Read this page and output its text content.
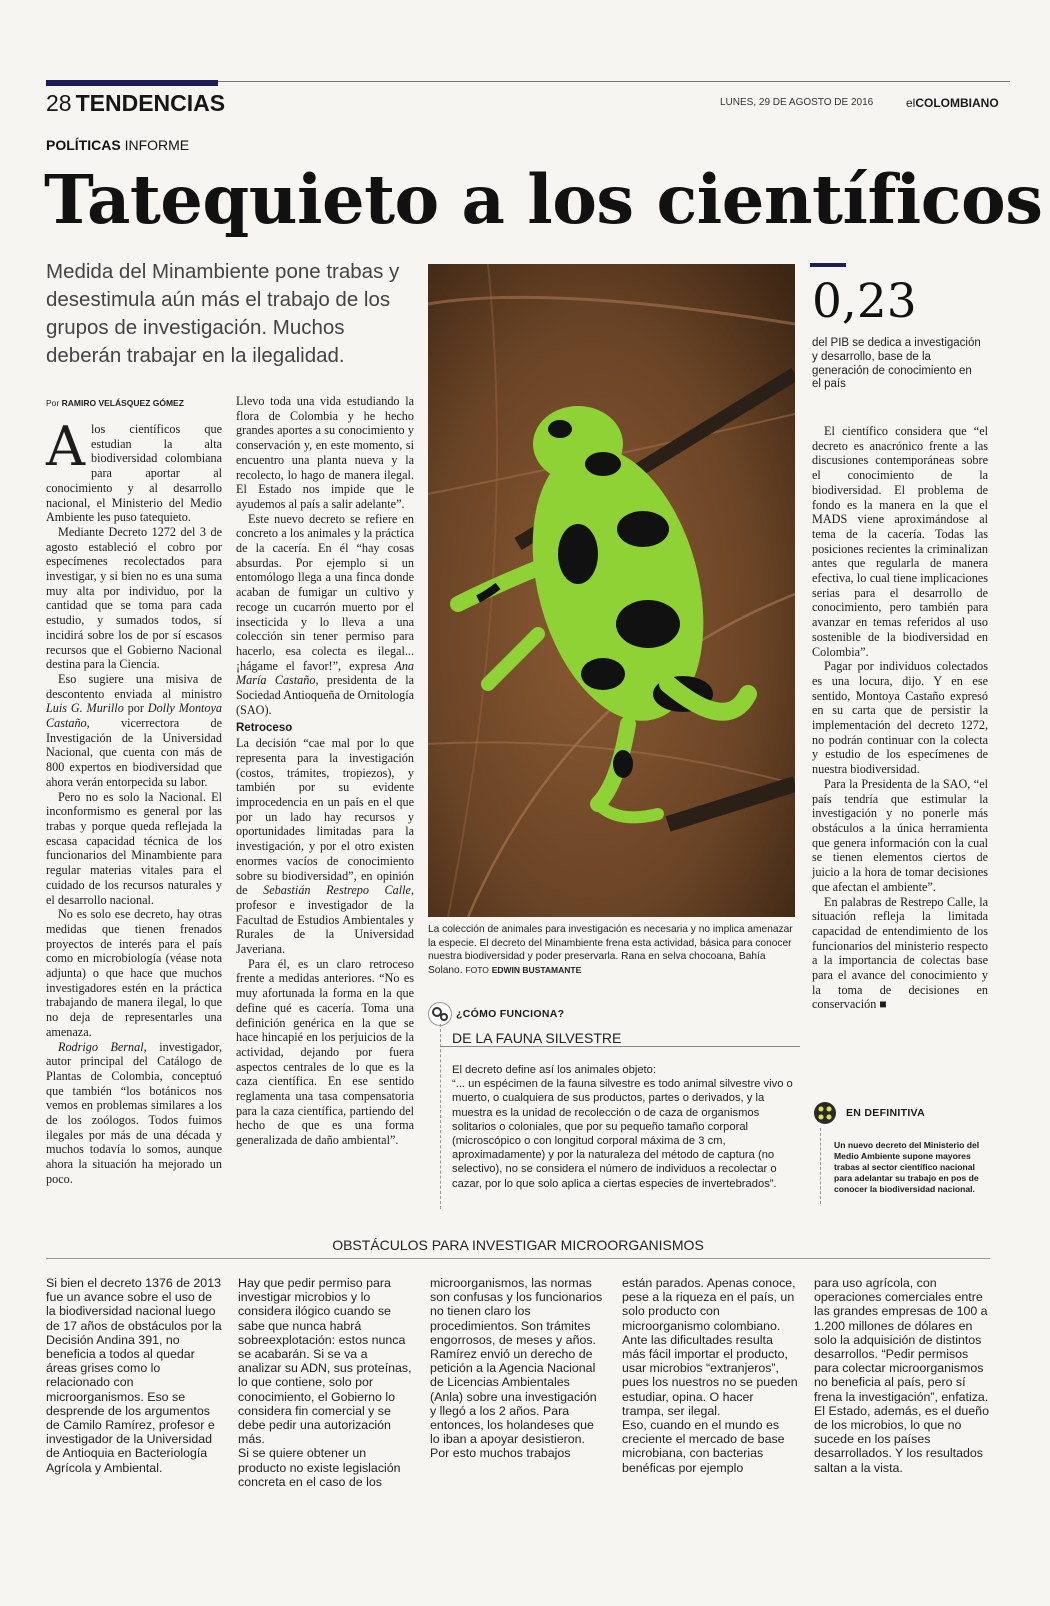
28 TENDENCIAS	LUNES, 29 DE AGOSTO DE 2016	elCOLOMBIANO
POLÍTICAS INFORME
Tatequieto a los científicos
Medida del Minambiente pone trabas y desestimula aún más el trabajo de los grupos de investigación. Muchos deberán trabajar en la ilegalidad.
Por RAMIRO VELÁSQUEZ GÓMEZ

Alos científicos que estudian la alta biodiversidad colombiana para aportar al conocimiento y al desarrollo nacional, el Ministerio del Medio Ambiente les puso tatequieto.

Mediante Decreto 1272 del 3 de agosto estableció el cobro por especímenes recolectados para investigar, y si bien no es una suma muy alta por individuo, por la cantidad que se toma para cada estudio, y sumados todos, sí incidirá sobre los de por sí escasos recursos que el Gobierno Nacional destina para la Ciencia.

Eso sugiere una misiva de descontento enviada al ministro Luis G. Murillo por Dolly Montoya Castaño, vicerrectora de Investigación de la Universidad Nacional, que cuenta con más de 800 expertos en biodiversidad que ahora verán entorpecida su labor.

Pero no es solo la Nacional. El inconformismo es general por las trabas y porque queda reflejada la escasa capacidad técnica de los funcionarios del Minambiente para regular materias vitales para el cuidado de los recursos naturales y el desarrollo nacional.

No es solo ese decreto, hay otras medidas que tienen frenados proyectos de interés para el país como en microbiología (véase nota adjunta) o que hace que muchos investigadores estén en la práctica trabajando de manera ilegal, lo que no deja de representarles una amenaza.

Rodrigo Bernal, investigador, autor principal del Catálogo de Plantas de Colombia, conceptuó que también “los botánicos nos vemos en problemas similares a los de los zoólogos. Todos fuimos ilegales por más de una década y muchos todavía lo somos, aunque ahora la situación ha mejorado un poco.

Llevo toda una vida estudiando la flora de Colombia y he hecho grandes aportes a su conocimiento y conservación y, en este momento, si encuentro una planta nueva y la recolecto, lo hago de manera ilegal. El Estado nos impide que le ayudemos al país a salir adelante”.

Este nuevo decreto se refiere en concreto a los animales y la práctica de la cacería. En él “hay cosas absurdas. Por ejemplo si un entomólogo llega a una finca donde acaban de fumigar un cultivo y recoge un cucarrón muerto por el insecticida y lo lleva a una colección sin tener permiso para hacerlo, esa colecta es ilegal... ¡hágame el favor!”, expresa Ana María Castaño, presidenta de la Sociedad Antioqueña de Ornitología (SAO).

Retroceso

La decisión “cae mal por lo que representa para la investigación (costos, trámites, tropiezos), y también por su evidente improcedencia en un país en el que por un lado hay recursos y oportunidades limitadas para la investigación, y por el otro existen enormes vacíos de conocimiento sobre su biodiversidad”, en opinión de Sebastián Restrepo Calle, profesor e investigador de la Facultad de Estudios Ambientales y Rurales de la Universidad Javeriana.

Para él, es un claro retroceso frente a medidas anteriores. “No es muy afortunada la forma en la que define qué es cacería. Toma una definición genérica en la que se hace hincapié en los perjuicios de la actividad, dejando por fuera aspectos centrales de lo que es la caza científica. En ese sentido reglamenta una tasa compensatoria para la caza científica, partiendo del hecho de que es una forma generalizada de daño ambiental”.

La colección de animales para investigación es necesaria y no implica amenazar la especie. El decreto del Minambiente frena esta actividad, básica para conocer nuestra biodiversidad y poder preservarla. Rana en selva chocoana, Bahía Solano. FOTO EDWIN BUSTAMANTE
0,23
del PIB se dedica a investigación y desarrollo, base de la generación de conocimiento en el país

El científico considera que “el decreto es anacrónico frente a las discusiones contemporáneas sobre el conocimiento de la biodiversidad. El problema de fondo es la manera en la que el MADS viene aproximándose al tema de la cacería. Todas las posiciones recientes la criminalizan antes que regularla de manera efectiva, lo cual tiene implicaciones serias para el desarrollo de conocimiento, pero también para avanzar en temas referidos al uso sostenible de la biodiversidad en Colombia”.

Pagar por individuos colectados es una locura, dijo. Y en ese sentido, Montoya Castaño expresó en su carta que de persistir la implementación del decreto 1272, no podrán continuar con la colecta y estudio de los especímenes de nuestra biodiversidad.

Para la Presidenta de la SAO, “el país tendría que estimular la investigación y no ponerle más obstáculos a la única herramienta que genera información con la cual se tienen elementos ciertos de juicio a la hora de tomar decisiones que afectan el ambiente”.

En palabras de Restrepo Calle, la situación refleja la limitada capacidad de entendimiento de los funcionarios del ministerio respecto a la importancia de colectas base para el avance del conocimiento y la toma de decisiones en conservación ■

¿CÓMO FUNCIONA?
DE LA FAUNA SILVESTRE
El decreto define así los animales objeto:
“... un espécimen de la fauna silvestre es todo animal silvestre vivo o muerto, o cualquiera de sus productos, partes o derivados, y la muestra es la unidad de recolección o de caza de organismos solitarios o coloniales, que por su pequeño tamaño corporal (microscópico o con longitud corporal máxima de 3 cm, aproximadamente) y por la naturaleza del método de captura (no selectivo), no se considera el número de individuos a recolectar o cazar, por lo que solo aplica a ciertas especies de invertebrados”.
EN DEFINITIVA
Un nuevo decreto del Ministerio del Medio Ambiente supone mayores trabas al sector científico nacional para adelantar su trabajo en pos de conocer la biodiversidad nacional.
OBSTÁCULOS PARA INVESTIGAR MICROORGANISMOS

Si bien el decreto 1376 de 2013 fue un avance sobre el uso de la biodiversidad nacional luego de 17 años de obstáculos por la Decisión Andina 391, no beneficia a todos al quedar áreas grises como lo relacionado con microorganismos. Eso se desprende de los argumentos de Camilo Ramírez, profesor e investigador de la Universidad de Antioquia en Bacteriología Agrícola y Ambiental.

Hay que pedir permiso para investigar microbios y lo considera ilógico cuando se sabe que nunca habrá sobreexplotación: estos nunca se acabarán. Si se va a analizar su ADN, sus proteínas, lo que contiene, solo por conocimiento, el Gobierno lo considera fin comercial y se debe pedir una autorización más.

Si se quiere obtener un producto no existe legislación concreta en el caso de los

microorganismos, las normas son confusas y los funcionarios no tienen claro los procedimientos. Son trámites engorrosos, de meses y años. Ramírez envió un derecho de petición a la Agencia Nacional de Licencias Ambientales (Anla) sobre una investigación y llegó a los 2 años. Para entonces, los holandeses que lo iban a apoyar desistieron.

Por esto muchos trabajos

están parados. Apenas conoce, pese a la riqueza en el país, un solo producto con microorganismo colombiano. Ante las dificultades resulta más fácil importar el producto, usar microbios “extranjeros”, pues los nuestros no se pueden estudiar, opina. O hacer trampa, ser ilegal.

Eso, cuando en el mundo es creciente el mercado de base microbiana, con bacterias benéficas por ejemplo

para uso agrícola, con operaciones comerciales entre las grandes empresas de 100 a 1.200 millones de dólares en solo la adquisición de distintos desarrollos. “Pedir permisos para colectar microorganismos no beneficia al país, pero sí frena la investigación”, enfatiza.

El Estado, además, es el dueño de los microbios, lo que no sucede en los países desarrollados. Y los resultados saltan a la vista.
